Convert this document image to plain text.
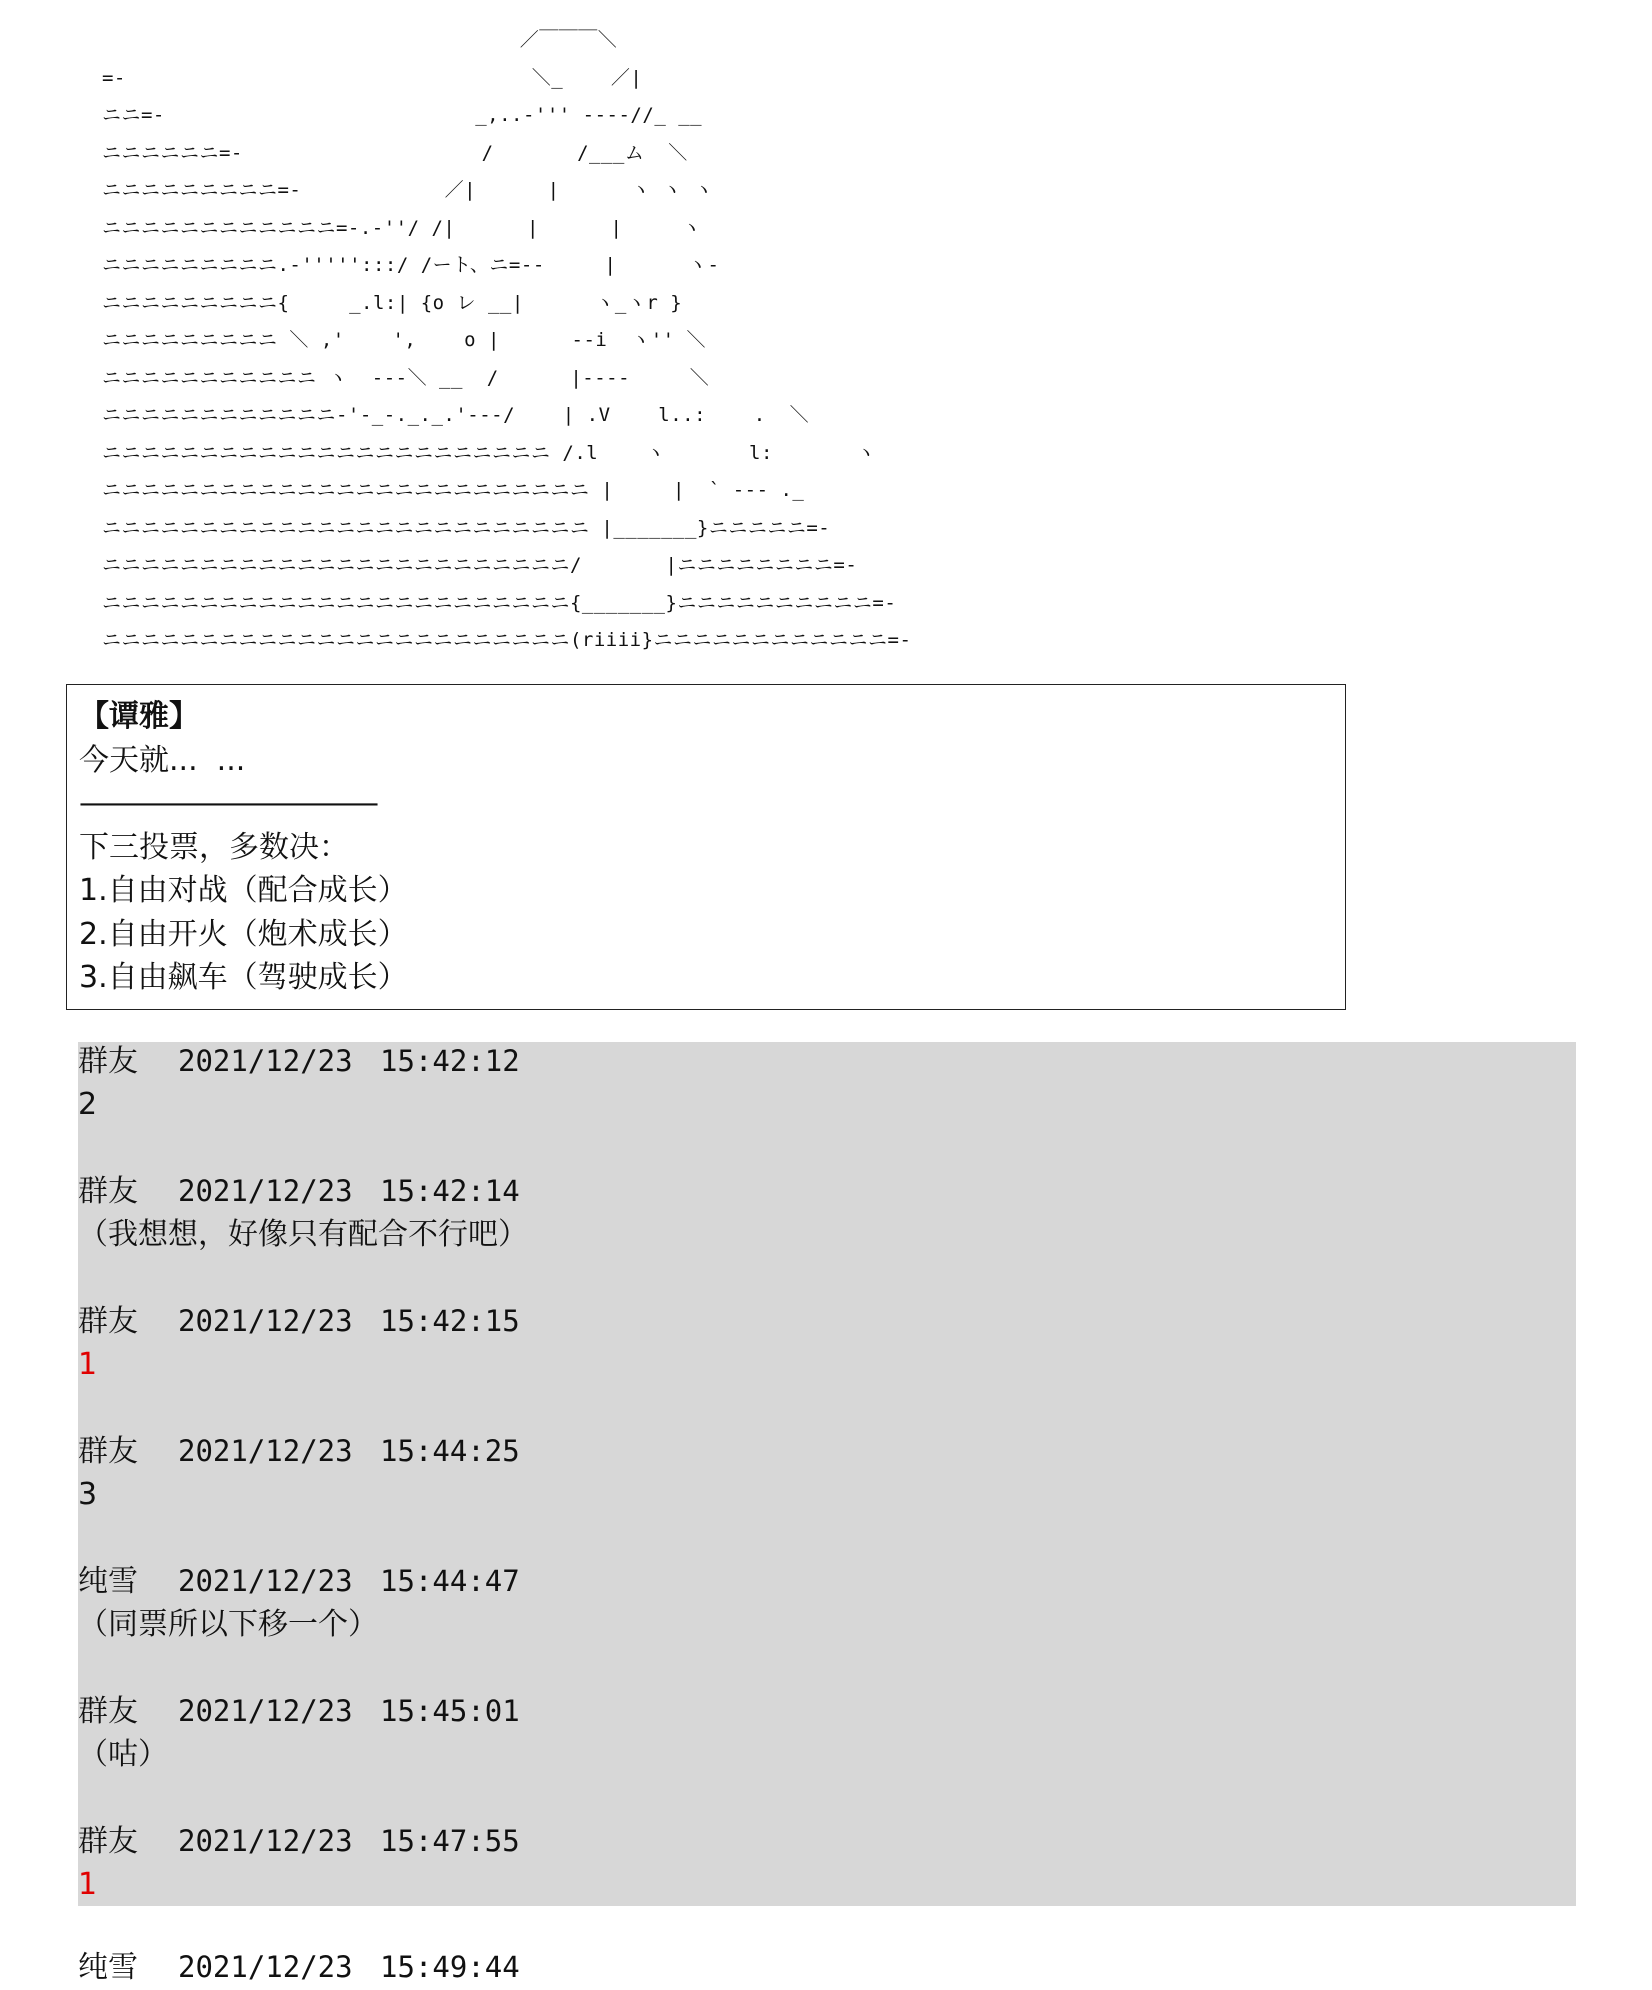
／￣￣￣＼
=-                                  ＼_    ／|
ニニ=-                          _,..-''' ----//_ __
ニニニニニニ=-                    /       /___ム  ＼
ニニニニニニニニニ=-            ／|      |      ヽ ヽ ヽ
ニニニニニニニニニニニニ=-.-''/ /|      |      |     ヽ
ニニニニニニニニニ.-''''':::/ /ート、ニ=--     |      ヽ-
ニニニニニニニニニ{     _.l:| {o レ __|      ヽ_ヽr }
ニニニニニニニニニ ＼ ,'    ',    o |      --i  ヽ'' ＼
ニニニニニニニニニニニ ヽ  ---＼ __  /      |----     ＼
ニニニニニニニニニニニニ-'-_-._._.'---/    | .V    l..:    .  ＼
ニニニニニニニニニニニニニニニニニニニニニニニ /.l    ヽ       l:       ヽ
ニニニニニニニニニニニニニニニニニニニニニニニニニ |     |  ` --- ._
ニニニニニニニニニニニニニニニニニニニニニニニニニ |_______}ニニニニニ=-
ニニニニニニニニニニニニニニニニニニニニニニニニ/       |ニニニニニニニニ=-
ニニニニニニニニニニニニニニニニニニニニニニニニ{_______}ニニニニニニニニニニ=-
ニニニニニニニニニニニニニニニニニニニニニニニニ(riiii}ニニニニニニニニニニニニ=-
【谭雅】
今天就...  ...
———————————
下三投票，多数决：
1.自由对战（配合成长）
2.自由开火（炮术成长）
3.自由飙车（驾驶成长）
群友 2021/12/23 15:42:12
2
群友 2021/12/23 15:42:14
（我想想，好像只有配合不行吧）
群友 2021/12/23 15:42:15
1
群友 2021/12/23 15:44:25
3
纯雪 2021/12/23 15:44:47
（同票所以下移一个）
群友 2021/12/23 15:45:01
（咕）
群友 2021/12/23 15:47:55
1
纯雪 2021/12/23 15:49:44
